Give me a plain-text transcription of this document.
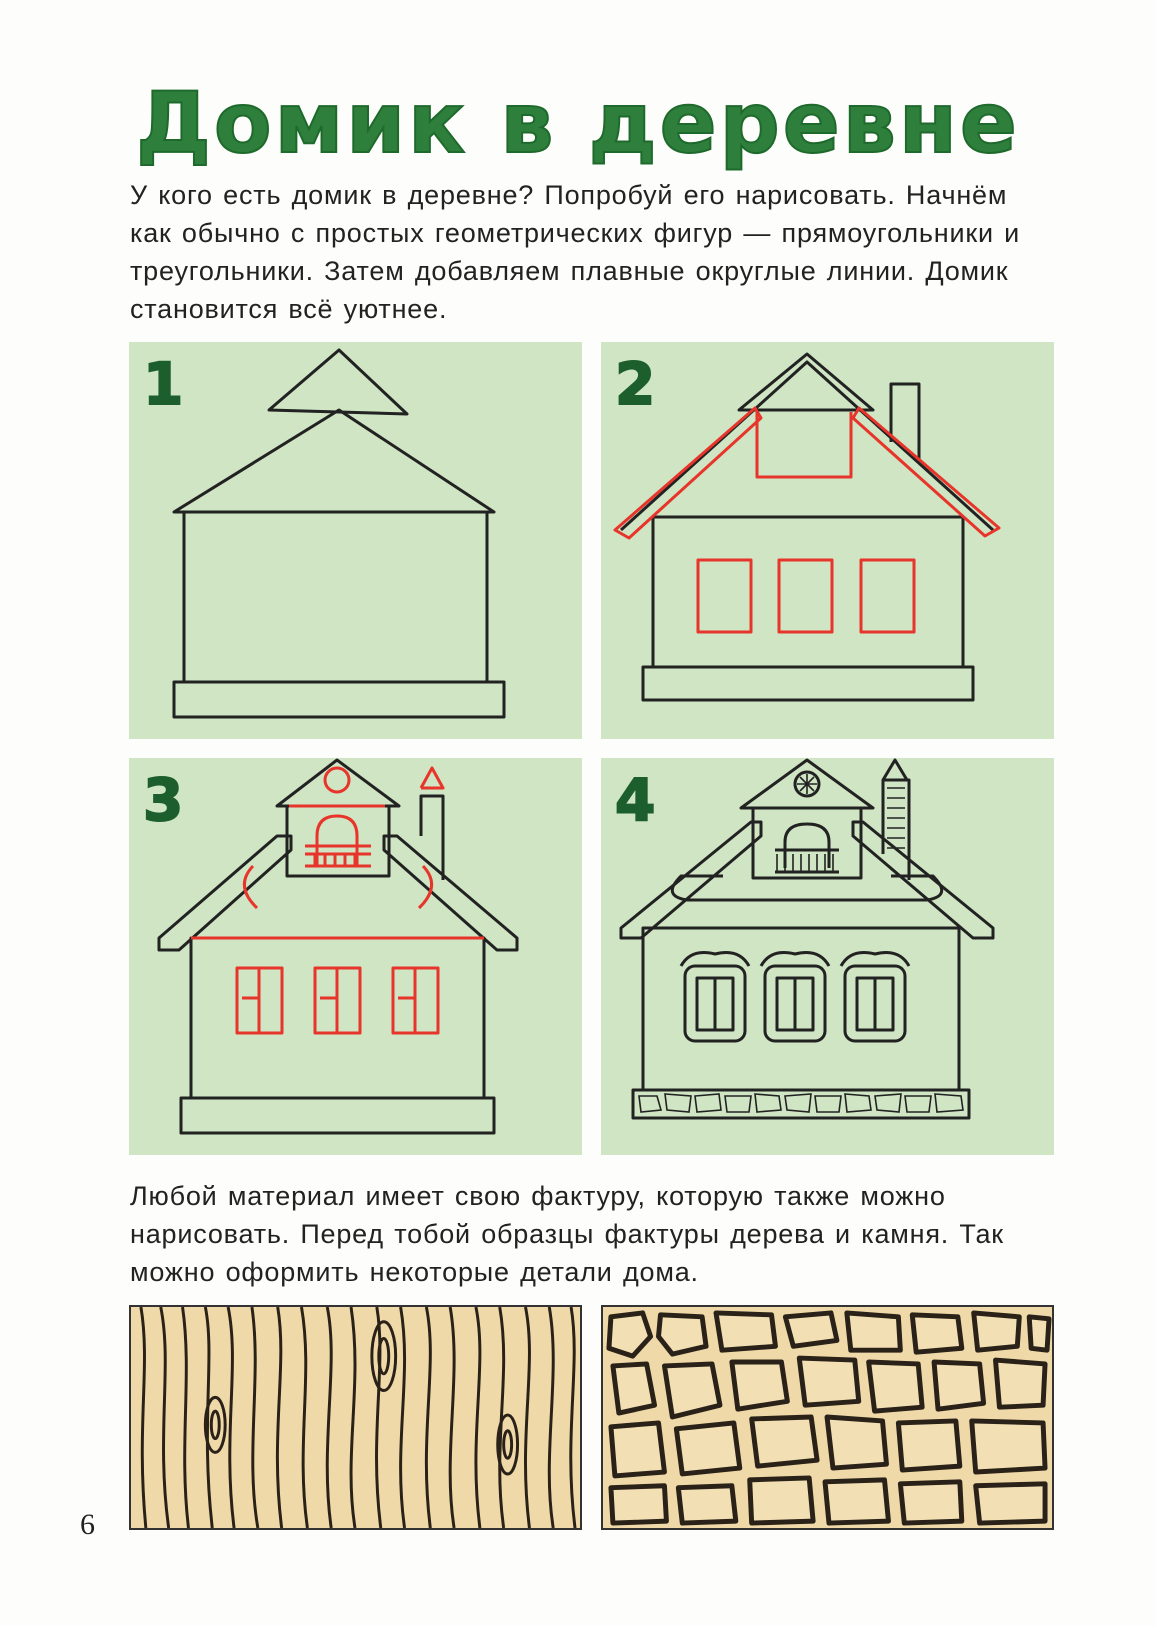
Домик в деревне

У кого есть домик в деревне? Попробуй его нарисовать. Начнём как обычно с простых геометрических фигур — прямоугольники и треугольники. Затем добавляем плавные округлые линии. Домик становится всё уютнее.

1	2
3	4

Любой материал имеет свою фактуру, которую также можно нарисовать. Перед тобой образцы фактуры дерева и камня. Так можно оформить некоторые детали дома.

6
